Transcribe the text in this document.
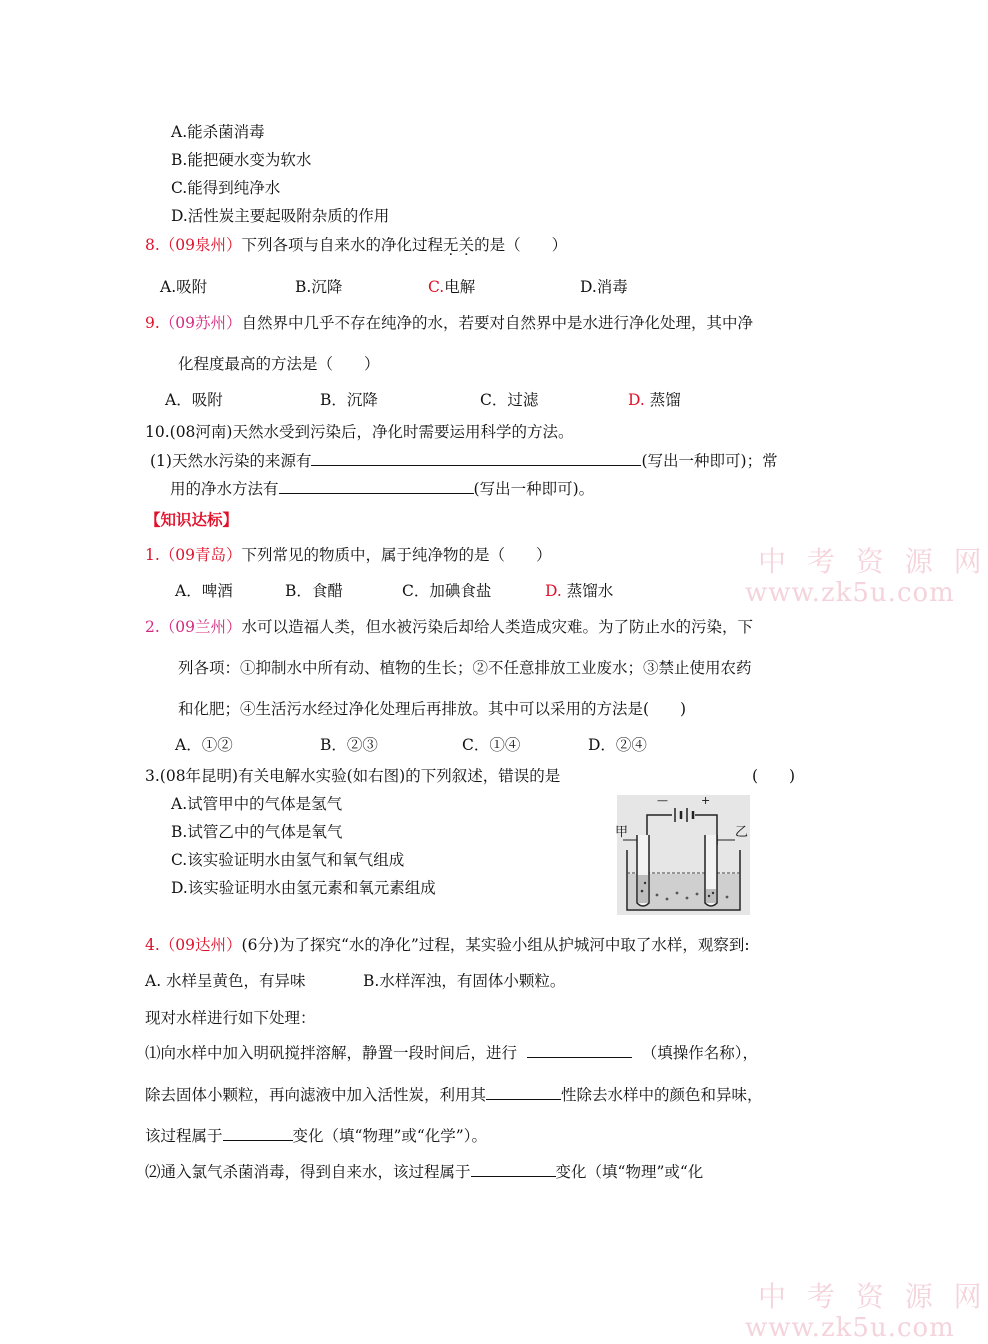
A.能杀菌消毒
B.能把硬水变为软水
C.能得到纯净水
D.活性炭主要起吸附杂质的作用
8.（09泉州）下列各项与自来水的净化过程无关的是（　　）
A.吸附	B.沉降	C.电解	D.消毒
9.（09苏州）自然界中几乎不存在纯净的水，若要对自然界中是水进行净化处理，其中净
化程度最高的方法是（　　）
A．吸附	B．沉降	C．过滤	D. 蒸馏
10.(08河南)天然水受到污染后，净化时需要运用科学的方法。
(1)天然水污染的来源有	(写出一种即可)；常
用的净水方法有	(写出一种即可)。
【知识达标】
1.（09青岛）下列常见的物质中，属于纯净物的是（　　）
A．啤酒	B．食醋	C．加碘食盐	D. 蒸馏水
2.（09兰州）水可以造福人类，但水被污染后却给人类造成灾难。为了防止水的污染，下
列各项：①抑制水中所有动、植物的生长；②不任意排放工业废水；③禁止使用农药
和化肥；④生活污水经过净化处理后再排放。其中可以采用的方法是(　　)
A．①②	B．②③	C．①④	D．②④
3.(08年昆明)有关电解水实验(如右图)的下列叙述，错误的是	(　　)
A.试管甲中的气体是氢气
B.试管乙中的气体是氧气
C.该实验证明水由氢气和氧气组成
D.该实验证明水由氢元素和氧元素组成
甲	乙
—	+
4.（09达州）(6分)为了探究“水的净化”过程，某实验小组从护城河中取了水样，观察到:
A. 水样呈黄色，有异味	B.水样浑浊，有固体小颗粒。
现对水样进行如下处理：
⑴向水样中加入明矾搅拌溶解，静置一段时间后，进行	（填操作名称），
除去固体小颗粒，再向滤液中加入活性炭，利用其	性除去水样中的颜色和异味，
该过程属于	变化（填“物理”或“化学”）。
⑵通入氯气杀菌消毒，得到自来水，该过程属于	变化（填“物理”或“化
中 考 资 源 网
www.zk5u.com
中 考 资 源 网
www.zk5u.com
